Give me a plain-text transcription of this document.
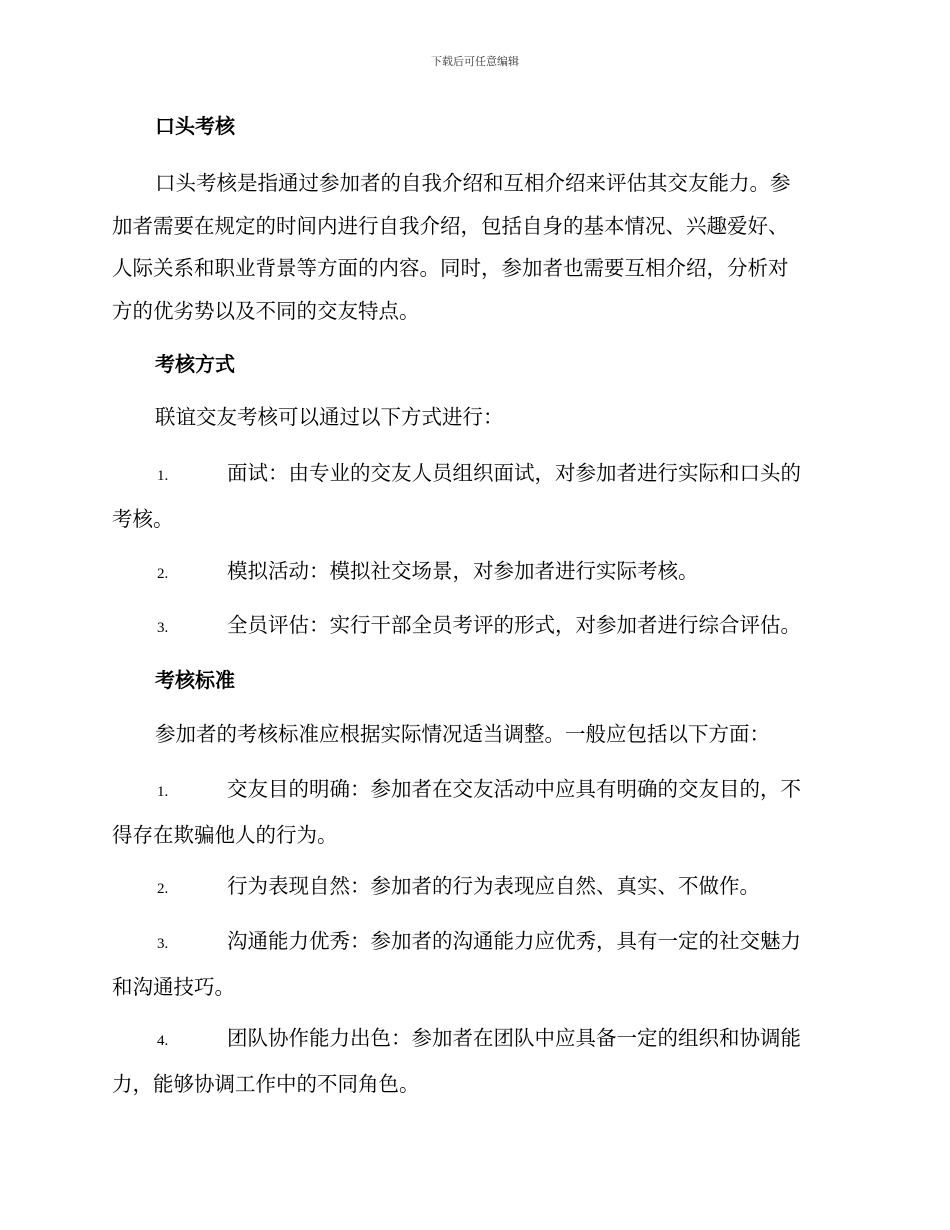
下载后可任意编辑
口头考核
口头考核是指通过参加者的自我介绍和互相介绍来评估其交友能力。参
加者需要在规定的时间内进行自我介绍，包括自身的基本情况、兴趣爱好、
人际关系和职业背景等方面的内容。同时，参加者也需要互相介绍，分析对
方的优劣势以及不同的交友特点。
考核方式
联谊交友考核可以通过以下方式进行：
1.	面试：由专业的交友人员组织面试，对参加者进行实际和口头的
考核。
2.	模拟活动：模拟社交场景，对参加者进行实际考核。
3.	全员评估：实行干部全员考评的形式，对参加者进行综合评估。
考核标准
参加者的考核标准应根据实际情况适当调整。一般应包括以下方面：
1.	交友目的明确：参加者在交友活动中应具有明确的交友目的，不
得存在欺骗他人的行为。
2.	行为表现自然：参加者的行为表现应自然、真实、不做作。
3.	沟通能力优秀：参加者的沟通能力应优秀，具有一定的社交魅力
和沟通技巧。
4.	团队协作能力出色：参加者在团队中应具备一定的组织和协调能
力，能够协调工作中的不同角色。
